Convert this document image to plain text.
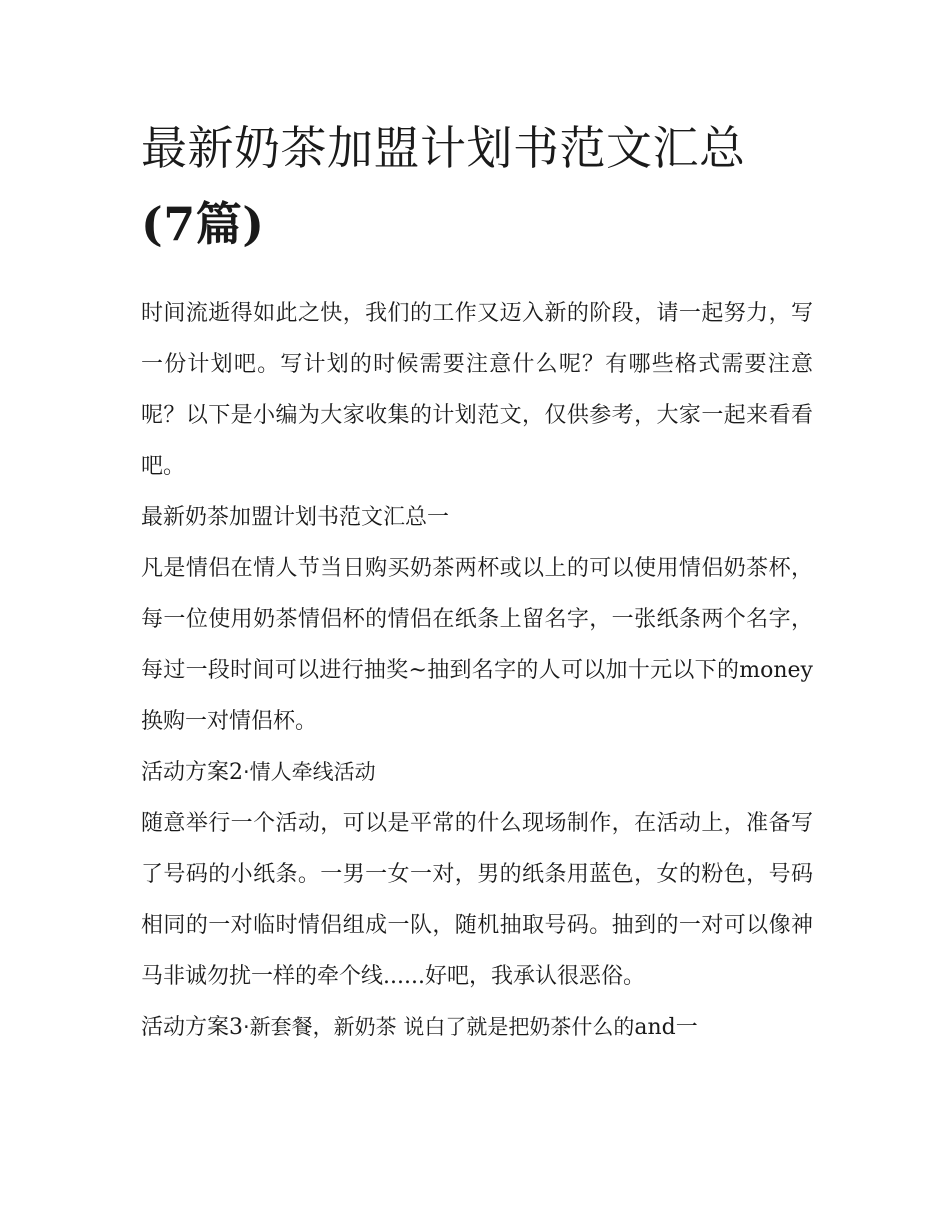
最新奶茶加盟计划书范文汇总
(7篇)

时间流逝得如此之快，我们的工作又迈入新的阶段，请一起努力，写一份计划吧。写计划的时候需要注意什么呢？有哪些格式需要注意呢？以下是小编为大家收集的计划范文，仅供参考，大家一起来看看吧。

最新奶茶加盟计划书范文汇总一

凡是情侣在情人节当日购买奶茶两杯或以上的可以使用情侣奶茶杯，每一位使用奶茶情侣杯的情侣在纸条上留名字，一张纸条两个名字，每过一段时间可以进行抽奖~抽到名字的人可以加十元以下的money换购一对情侣杯。

活动方案2·情人牵线活动

随意举行一个活动，可以是平常的什么现场制作，在活动上，准备写了号码的小纸条。一男一女一对，男的纸条用蓝色，女的粉色，号码相同的一对临时情侣组成一队，随机抽取号码。抽到的一对可以像神马非诚勿扰一样的牵个线......好吧，我承认很恶俗。

活动方案3·新套餐，新奶茶 说白了就是把奶茶什么的and一
